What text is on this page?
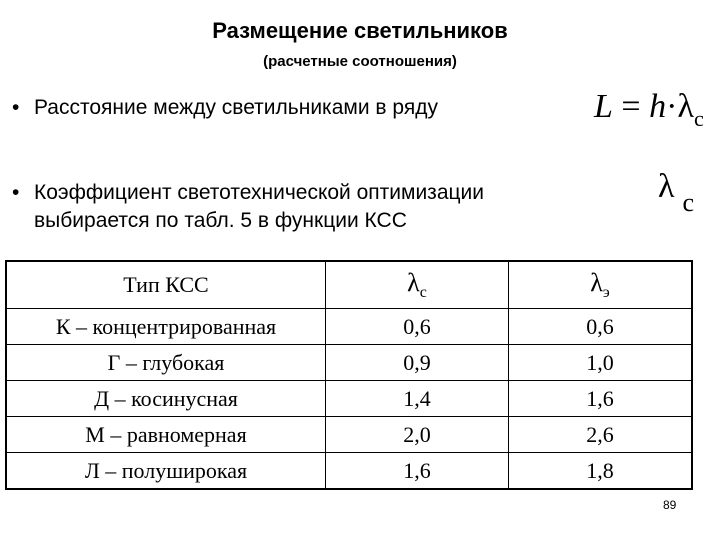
Размещение светильников
(расчетные соотношения)
• Расстояние между светильниками в ряду	$L = h\cdot\lambda_с$
• Коэффициент светотехнической оптимизации
выбирается по табл. 5 в функции КСС
λ $_с$
Тип КСС	$\lambda_с$	$\lambda_э$
К – концентрированная	0,6	0,6
Г – глубокая	0,9	1,0
Д – косинусная	1,4	1,6
М – равномерная	2,0	2,6
Л – полуширокая	1,6	1,8
89
